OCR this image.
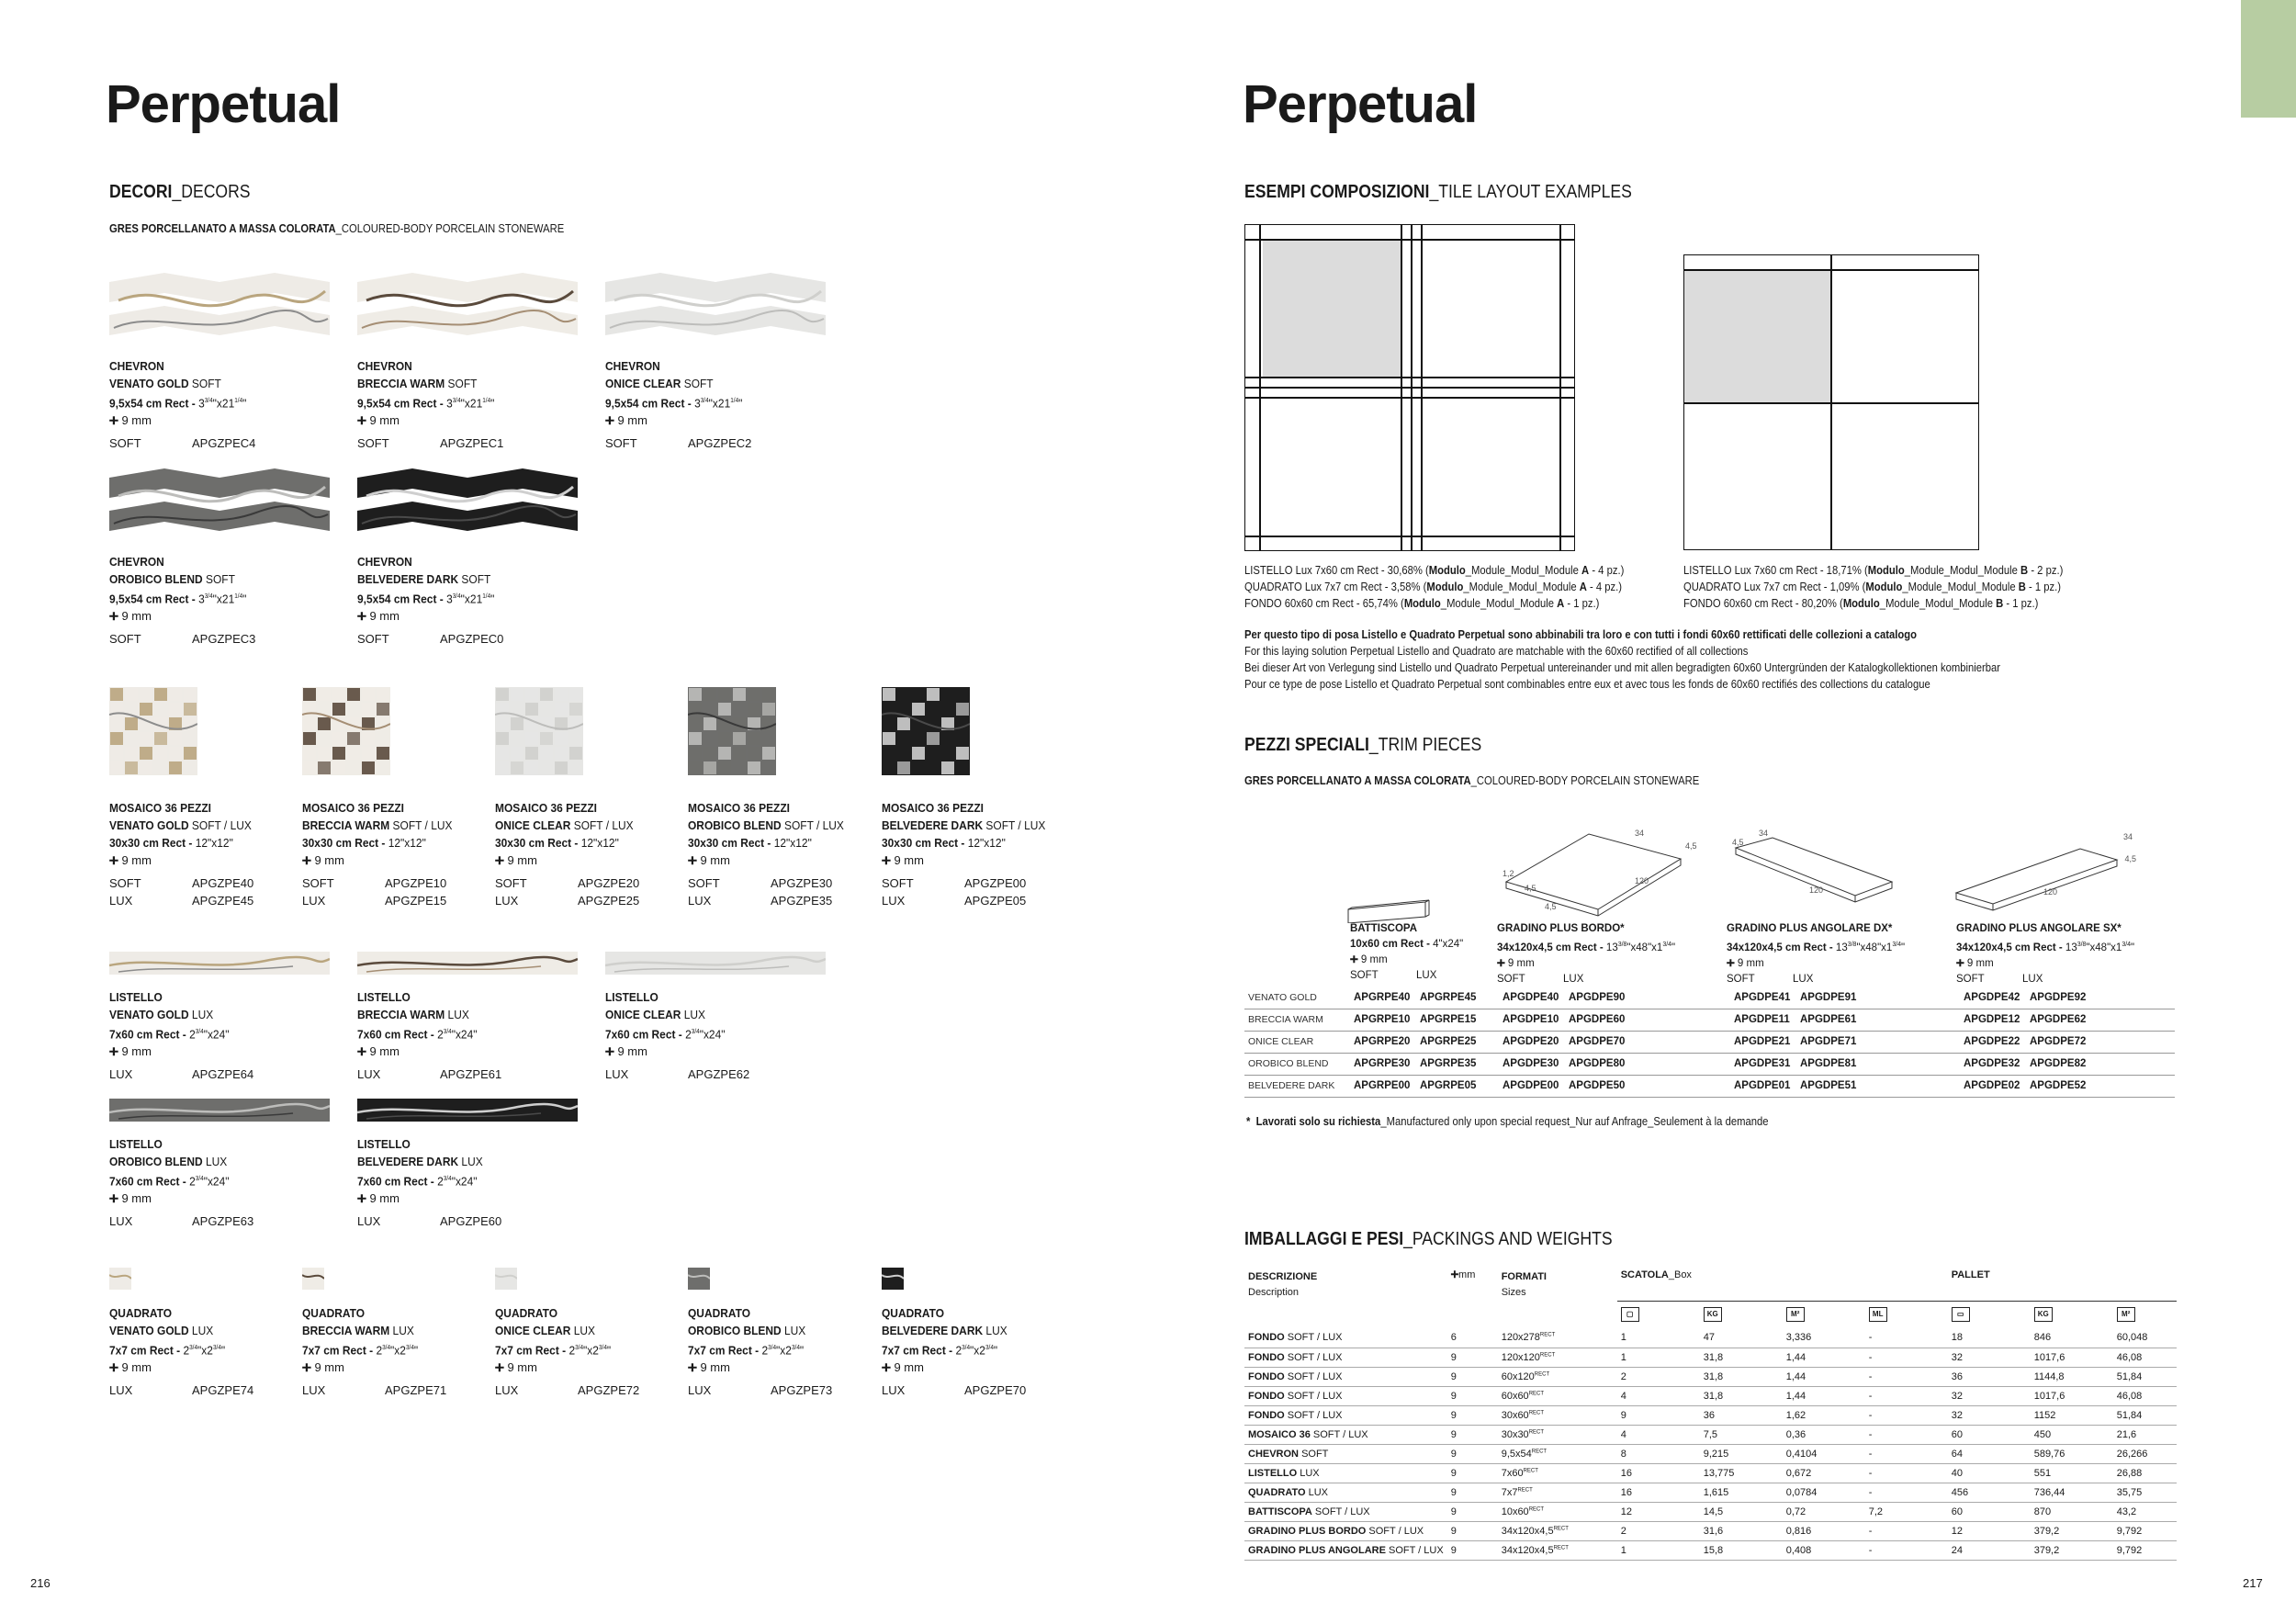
Perpetual
DECORI_DECORS
GRES PORCELLANATO A MASSA COLORATA_COLOURED-BODY PORCELAIN STONEWARE
CHEVRON
VENATO GOLD SOFT
9,5x54 cm Rect - $3^{3/4}"x21^{1/4}$"
➕︎ 9 mm
SOFT	APGZPEC4
CHEVRON
BRECCIA WARM SOFT
9,5x54 cm Rect - $3^{3/4}"x21^{1/4}$"
➕︎ 9 mm
SOFT	APGZPEC1
CHEVRON
ONICE CLEAR SOFT
9,5x54 cm Rect - $3^{3/4}"x21^{1/4}$"
➕︎ 9 mm
SOFT	APGZPEC2
CHEVRON
OROBICO BLEND SOFT
9,5x54 cm Rect - $3^{3/4}"x21^{1/4}$"
➕︎ 9 mm
SOFT	APGZPEC3
CHEVRON
BELVEDERE DARK SOFT
9,5x54 cm Rect - $3^{3/4}"x21^{1/4}$"
➕︎ 9 mm
SOFT	APGZPEC0
MOSAICO 36 PEZZI
VENATO GOLD SOFT / LUX
30x30 cm Rect - 12"x12"
➕︎ 9 mm
SOFT	APGZPE40
LUX	APGZPE45
MOSAICO 36 PEZZI
BRECCIA WARM SOFT / LUX
30x30 cm Rect - 12"x12"
➕︎ 9 mm
SOFT	APGZPE10
LUX	APGZPE15
MOSAICO 36 PEZZI
ONICE CLEAR SOFT / LUX
30x30 cm Rect - 12"x12"
➕︎ 9 mm
SOFT	APGZPE20
LUX	APGZPE25
MOSAICO 36 PEZZI
OROBICO BLEND SOFT / LUX
30x30 cm Rect - 12"x12"
➕︎ 9 mm
SOFT	APGZPE30
LUX	APGZPE35
MOSAICO 36 PEZZI
BELVEDERE DARK SOFT / LUX
30x30 cm Rect - 12"x12"
➕︎ 9 mm
SOFT	APGZPE00
LUX	APGZPE05
LISTELLO
VENATO GOLD LUX
7x60 cm Rect - $2^{3/4}"x24$"
➕︎ 9 mm
LUX	APGZPE64
LISTELLO
BRECCIA WARM LUX
7x60 cm Rect - $2^{3/4}"x24$"
➕︎ 9 mm
LUX	APGZPE61
LISTELLO
ONICE CLEAR LUX
7x60 cm Rect - $2^{3/4}"x24$"
➕︎ 9 mm
LUX	APGZPE62
LISTELLO
OROBICO BLEND LUX
7x60 cm Rect - $2^{3/4}"x24$"
➕︎ 9 mm
LUX	APGZPE63
LISTELLO
BELVEDERE DARK LUX
7x60 cm Rect - $2^{3/4}"x24$"
➕︎ 9 mm
LUX	APGZPE60
QUADRATO
VENATO GOLD LUX
7x7 cm Rect - $2^{3/4}"x2^{3/4}$"
➕︎ 9 mm
LUX	APGZPE74
QUADRATO
BRECCIA WARM LUX
7x7 cm Rect - $2^{3/4}"x2^{3/4}$"
➕︎ 9 mm
LUX	APGZPE71
QUADRATO
ONICE CLEAR LUX
7x7 cm Rect - $2^{3/4}"x2^{3/4}$"
➕︎ 9 mm
LUX	APGZPE72
QUADRATO
OROBICO BLEND LUX
7x7 cm Rect - $2^{3/4}"x2^{3/4}$"
➕︎ 9 mm
LUX	APGZPE73
QUADRATO
BELVEDERE DARK LUX
7x7 cm Rect - $2^{3/4}"x2^{3/4}$"
➕︎ 9 mm
LUX	APGZPE70
216
Perpetual
ESEMPI COMPOSIZIONI_TILE LAYOUT EXAMPLES
LISTELLO Lux 7x60 cm Rect - 30,68% (Modulo_Module_Modul_Module A - 4 pz.)
QUADRATO Lux 7x7 cm Rect - 3,58% (Modulo_Module_Modul_Module A - 4 pz.)
FONDO 60x60 cm Rect - 65,74% (Modulo_Module_Modul_Module A - 1 pz.)
LISTELLO Lux 7x60 cm Rect - 18,71% (Modulo_Module_Modul_Module B - 2 pz.)
QUADRATO Lux 7x7 cm Rect - 1,09% (Modulo_Module_Modul_Module B - 1 pz.)
FONDO 60x60 cm Rect - 80,20% (Modulo_Module_Modul_Module B - 1 pz.)
Per questo tipo di posa Listello e Quadrato Perpetual sono abbinabili tra loro e con tutti i fondi 60x60 rettificati delle collezioni a catalogo
For this laying solution Perpetual Listello and Quadrato are matchable with the 60x60 rectified of all collections
Bei dieser Art von Verlegung sind Listello und Quadrato Perpetual untereinander und mit allen begradigten 60x60 Untergründen der Katalogkollektionen kombinierbar
Pour ce type de pose Listello et Quadrato Perpetual sont combinables entre eux et avec tous les fonds de 60x60 rectifiés des collections du catalogue
PEZZI SPECIALI_TRIM PIECES
GRES PORCELLANATO A MASSA COLORATA_COLOURED-BODY PORCELAIN STONEWARE
34
4,5
120
1,2
4,5
4,5
34
4,5
120
34
4,5
120
BATTISCOPA
10x60 cm Rect - 4"x24"
➕︎ 9 mm
SOFT	LUX
GRADINO PLUS BORDO*
34x120x4,5 cm Rect - $13^{3/8}"x48"x1^{3/4}$"
➕︎ 9 mm
SOFT	LUX
GRADINO PLUS ANGOLARE DX*
34x120x4,5 cm Rect - $13^{3/8}"x48"x1^{3/4}$"
➕︎ 9 mm
SOFT	LUX
GRADINO PLUS ANGOLARE SX*
34x120x4,5 cm Rect - $13^{3/8}"x48"x1^{3/4}$"
➕︎ 9 mm
SOFT	LUX
VENATO GOLD	APGRPE40	APGRPE45	APGDPE40	APGDPE90	APGDPE41	APGDPE91	APGDPE42	APGDPE92
BRECCIA WARM	APGRPE10	APGRPE15	APGDPE10	APGDPE60	APGDPE11	APGDPE61	APGDPE12	APGDPE62
ONICE CLEAR	APGRPE20	APGRPE25	APGDPE20	APGDPE70	APGDPE21	APGDPE71	APGDPE22	APGDPE72
OROBICO BLEND	APGRPE30	APGRPE35	APGDPE30	APGDPE80	APGDPE31	APGDPE81	APGDPE32	APGDPE82
BELVEDERE DARK	APGRPE00	APGRPE05	APGDPE00	APGDPE50	APGDPE01	APGDPE51	APGDPE02	APGDPE52
* Lavorati solo su richiesta_Manufactured only upon special request_Nur auf Anfrage_Seulement à la demande
IMBALLAGGI E PESI_PACKINGS AND WEIGHTS
DESCRIZIONE
Description	➕︎mm	FORMATI
Sizes	SCATOLA_Box				PALLET		
			▢	KG	M²	ML	▭	KG	M²
FONDO SOFT / LUX	6	$120x278^{RECT}$	1	47	3,336	-	18	846	60,048
FONDO SOFT / LUX	9	$120x120^{RECT}$	1	31,8	1,44	-	32	1017,6	46,08
FONDO SOFT / LUX	9	$60x120^{RECT}$	2	31,8	1,44	-	36	1144,8	51,84
FONDO SOFT / LUX	9	$60x60^{RECT}$	4	31,8	1,44	-	32	1017,6	46,08
FONDO SOFT / LUX	9	$30x60^{RECT}$	9	36	1,62	-	32	1152	51,84
MOSAICO 36 SOFT / LUX	9	$30x30^{RECT}$	4	7,5	0,36	-	60	450	21,6
CHEVRON SOFT	9	$9,5x54^{RECT}$	8	9,215	0,4104	-	64	589,76	26,266
LISTELLO LUX	9	$7x60^{RECT}$	16	13,775	0,672	-	40	551	26,88
QUADRATO LUX	9	$7x7^{RECT}$	16	1,615	0,0784	-	456	736,44	35,75
BATTISCOPA SOFT / LUX	9	$10x60^{RECT}$	12	14,5	0,72	7,2	60	870	43,2
GRADINO PLUS BORDO SOFT / LUX	9	$34x120x4,5^{RECT}$	2	31,6	0,816	-	12	379,2	9,792
GRADINO PLUS ANGOLARE SOFT / LUX	9	$34x120x4,5^{RECT}$	1	15,8	0,408	-	24	379,2	9,792
217
